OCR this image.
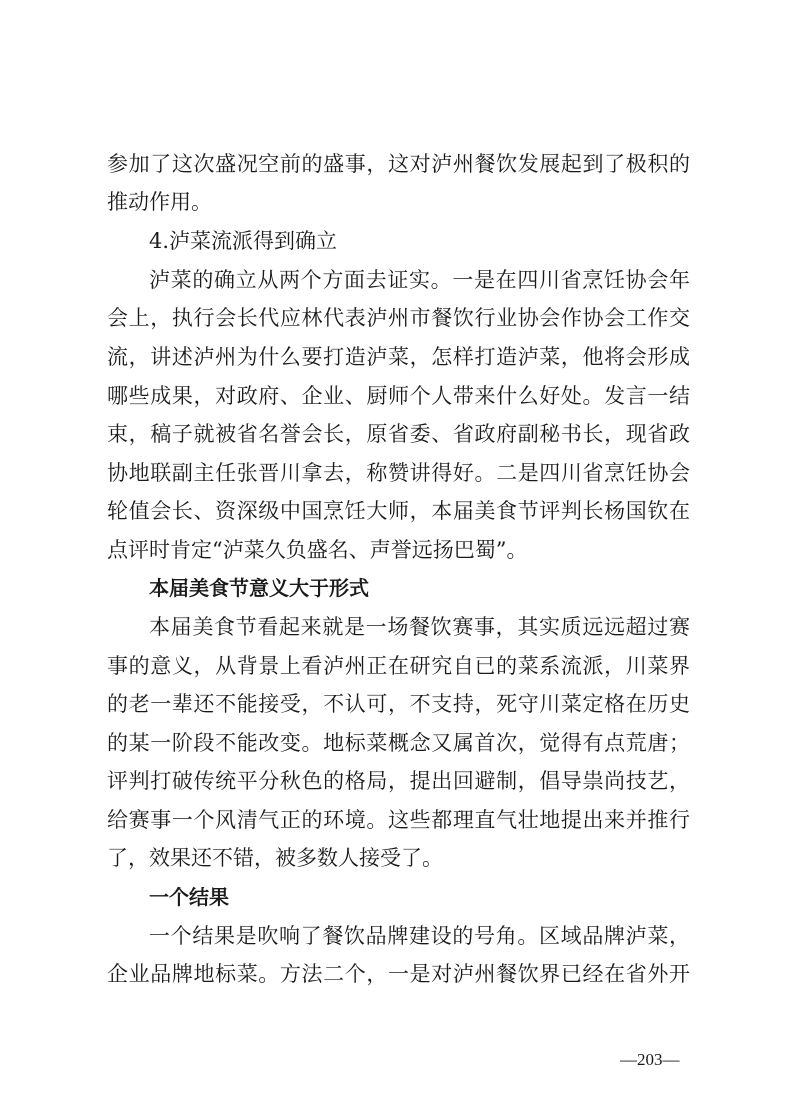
参加了这次盛况空前的盛事，这对泸州餐饮发展起到了极积的
推动作用。
4.泸菜流派得到确立
泸菜的确立从两个方面去证实。一是在四川省烹饪协会年
会上，执行会长代应林代表泸州市餐饮行业协会作协会工作交
流，讲述泸州为什么要打造泸菜，怎样打造泸菜，他将会形成
哪些成果，对政府、企业、厨师个人带来什么好处。发言一结
束，稿子就被省名誉会长，原省委、省政府副秘书长，现省政
协地联副主任张晋川拿去，称赞讲得好。二是四川省烹饪协会
轮值会长、资深级中国烹饪大师，本届美食节评判长杨国钦在
点评时肯定“泸菜久负盛名、声誉远扬巴蜀”。
本届美食节意义大于形式
本届美食节看起来就是一场餐饮赛事，其实质远远超过赛
事的意义，从背景上看泸州正在研究自已的菜系流派，川菜界
的老一辈还不能接受，不认可，不支持，死守川菜定格在历史
的某一阶段不能改变。地标菜概念又属首次，觉得有点荒唐；
评判打破传统平分秋色的格局，提出回避制，倡导祟尚技艺，
给赛事一个风清气正的环境。这些都理直气壮地提出来并推行
了，效果还不错，被多数人接受了。
一个结果
一个结果是吹响了餐饮品牌建设的号角。区域品牌泸菜，
企业品牌地标菜。方法二个，一是对泸州餐饮界已经在省外开
—203—
